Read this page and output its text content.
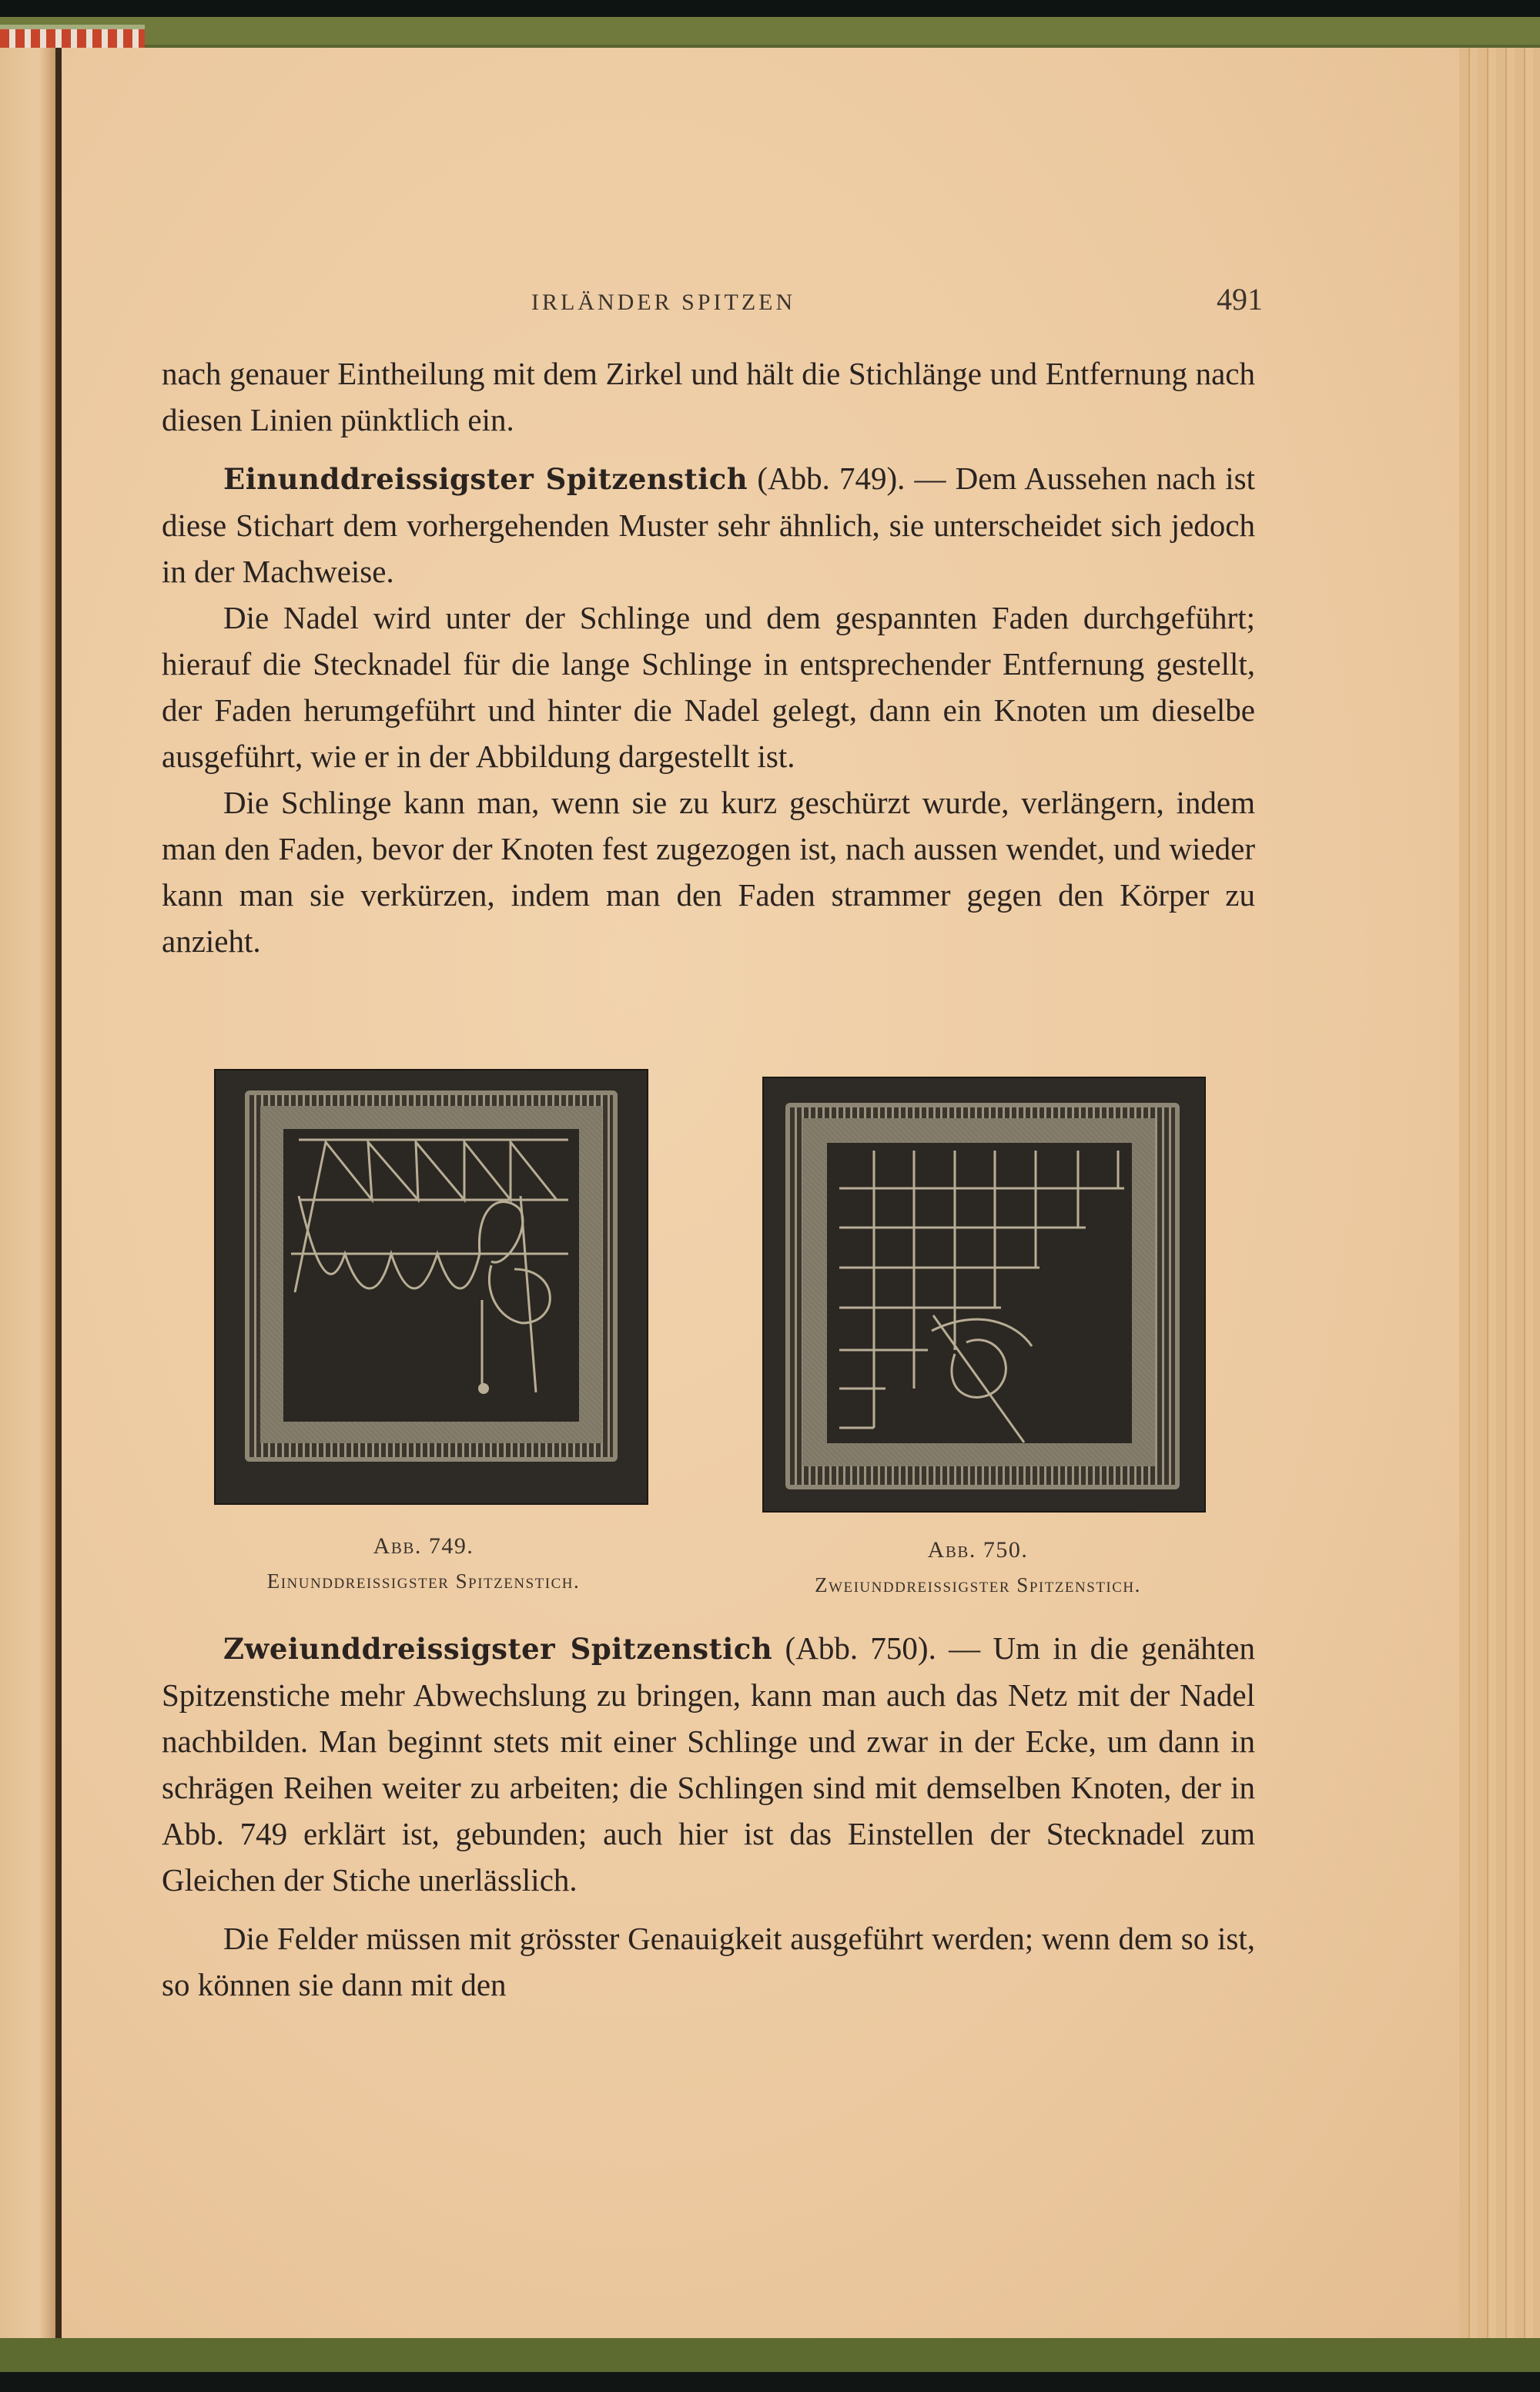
IRLÄNDER SPITZEN	491

nach genauer Eintheilung mit dem Zirkel und hält die Stichlänge und Entfernung nach diesen Linien pünktlich ein.

Einunddreissigster Spitzenstich (Abb. 749). — Dem Aussehen nach ist diese Stichart dem vorhergehenden Muster sehr ähnlich, sie unterscheidet sich jedoch in der Machweise.

Die Nadel wird unter der Schlinge und dem gespannten Faden durchgeführt; hierauf die Stecknadel für die lange Schlinge in entsprechender Entfernung gestellt, der Faden herumgeführt und hinter die Nadel gelegt, dann ein Knoten um dieselbe ausgeführt, wie er in der Abbildung dargestellt ist.

Die Schlinge kann man, wenn sie zu kurz geschürzt wurde, verlängern, indem man den Faden, bevor der Knoten fest zugezogen ist, nach aussen wendet, und wieder kann man sie verkürzen, indem man den Faden strammer gegen den Körper zu anzieht.

Abb. 749.
Einunddreissigster Spitzenstich.
Abb. 750.
Zweiunddreissigster Spitzenstich.

Zweiunddreissigster Spitzenstich (Abb. 750). — Um in die genähten Spitzenstiche mehr Abwechslung zu bringen, kann man auch das Netz mit der Nadel nachbilden. Man beginnt stets mit einer Schlinge und zwar in der Ecke, um dann in schrägen Reihen weiter zu arbeiten; die Schlingen sind mit demselben Knoten, der in Abb. 749 erklärt ist, gebunden; auch hier ist das Einstellen der Stecknadel zum Gleichen der Stiche unerlässlich.

Die Felder müssen mit grösster Genauigkeit ausgeführt werden; wenn dem so ist, so können sie dann mit den
